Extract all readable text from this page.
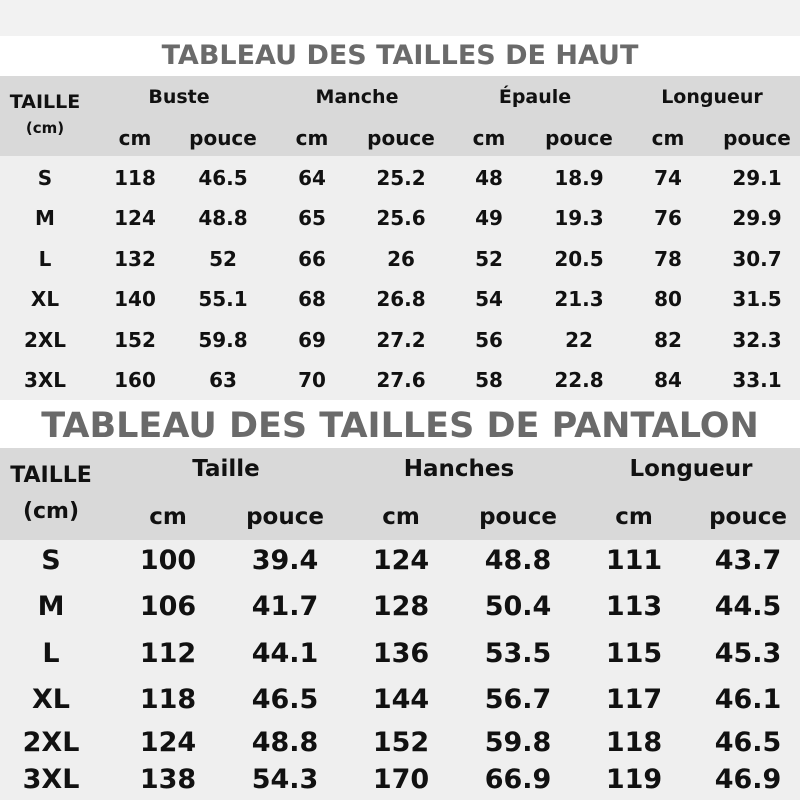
TABLEAU DES TAILLES DE HAUT
TAILLE
(cm)
Buste	Manche	Épaule	Longueur
cm pouce cm pouce cm pouce cm pouce
S	118 46.5	64	25.2 48	18.9	74	29.1
M	124 48.8	65	25.6 49	19.3	76	29.9
L	132	52	66	26	52	20.5	78	30.7
XL	140 55.1	68	26.8 54	21.3	80	31.5
2XL 152 59.8	69	27.2 56	22	82	32.3
3XL 160	63	70	27.6 58	22.8	84	33.1
TABLEAU DES TAILLES DE PANTALON
TAILLE
(cm)
Taille	Hanches	Longueur
cm	pouce	cm	pouce	cm pouce
S	100 39.4 124 48.8 111 43.7
M	106 41.7 128 50.4 113 44.5
L	112 44.1 136 53.5 115 45.3
XL	118 46.5 144 56.7 117 46.1
2XL 124 48.8 152 59.8 118 46.5
3XL 138 54.3 170 66.9 119 46.9
